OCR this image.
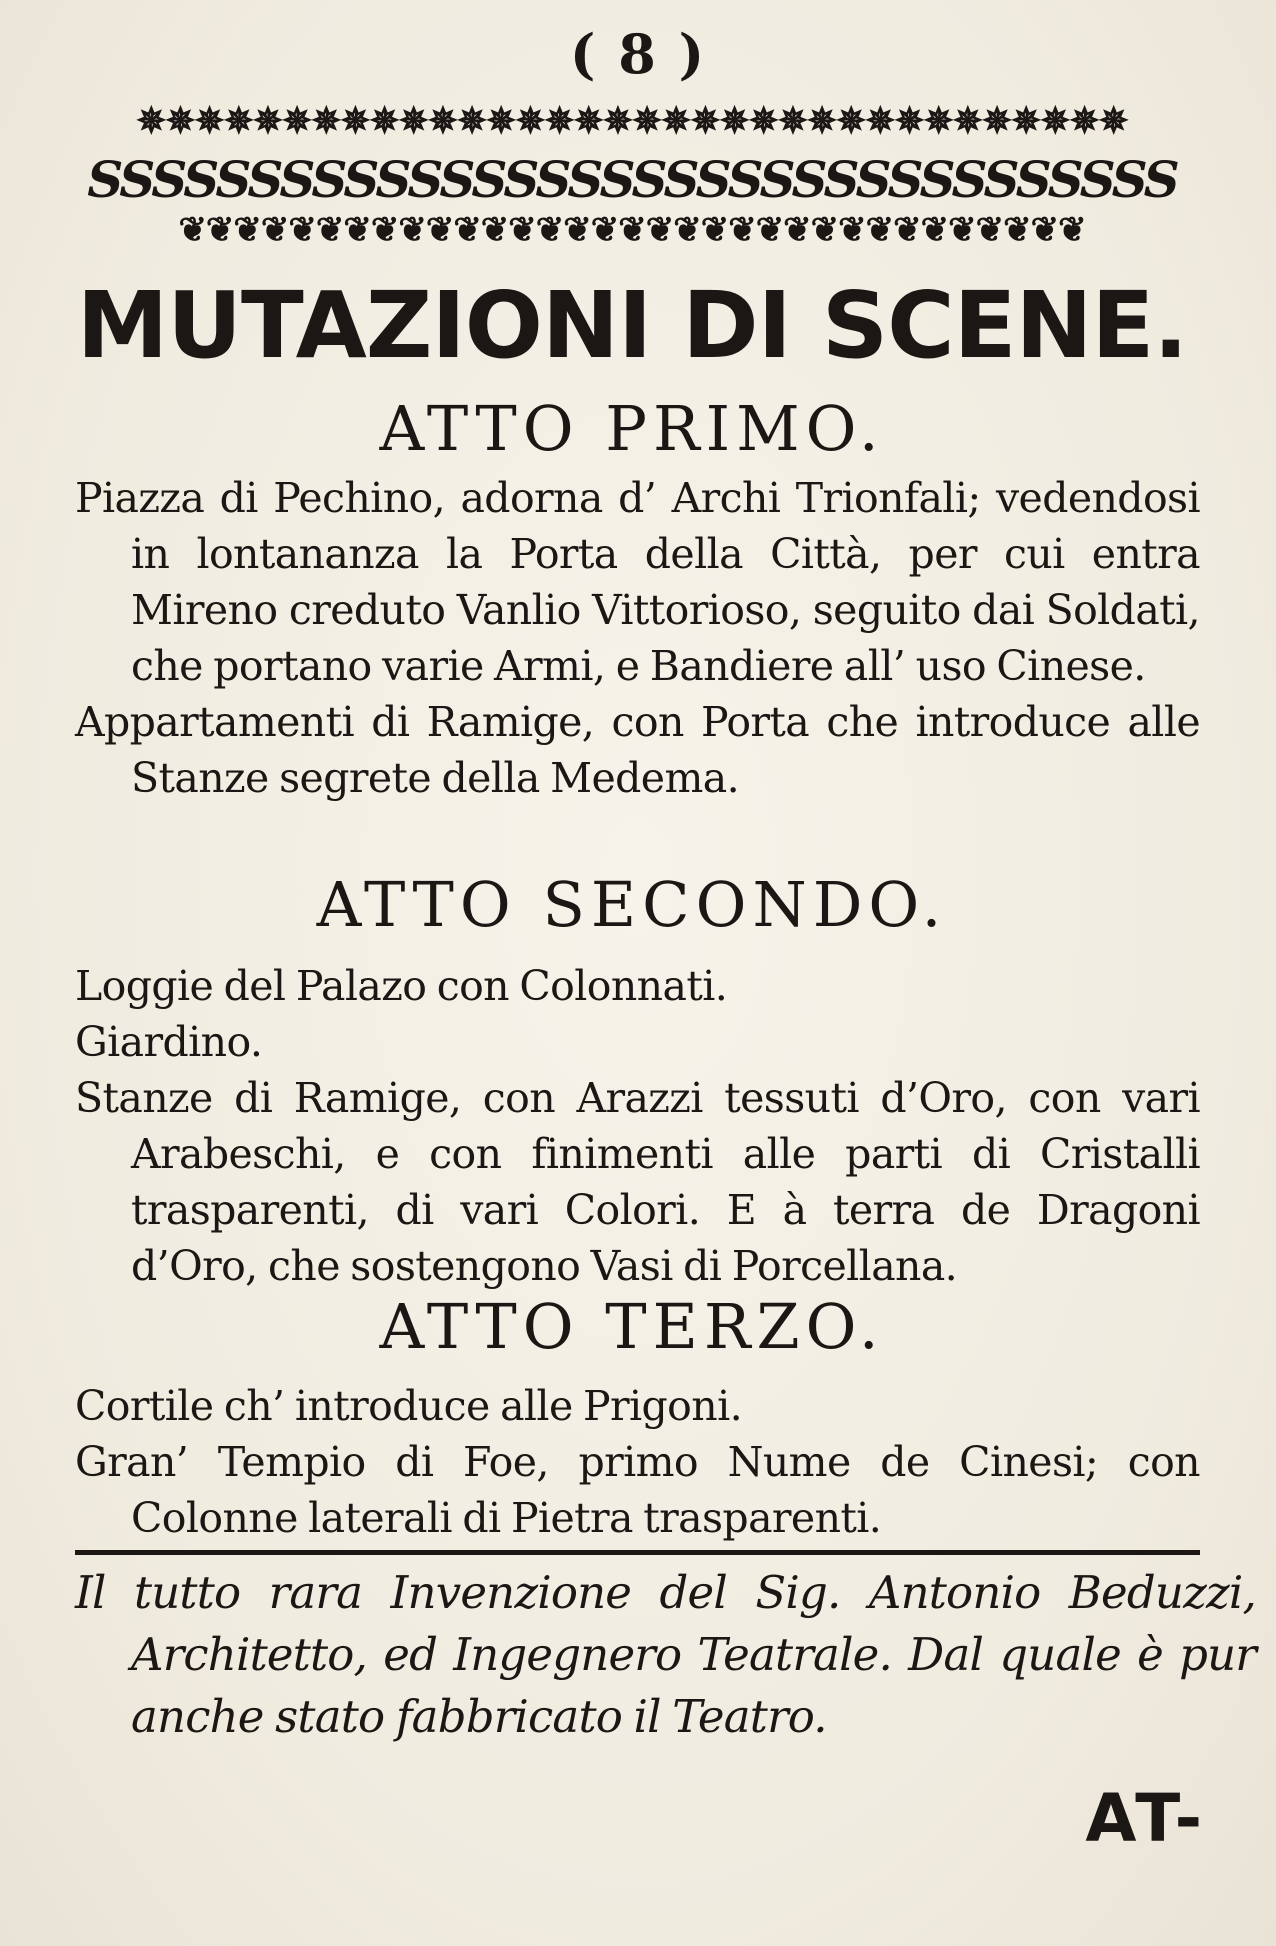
( 8 )
✵✵✵✵✵✵✵✵✵✵✵✵✵✵✵✵✵✵✵✵✵✵✵✵✵✵✵✵✵✵✵✵✵✵
SSSSSSSSSSSSSSSSSSSSSSSSSSSSSSSSSS
❦❦❦❦❦❦❦❦❦❦❦❦❦❦❦❦❦❦❦❦❦❦❦❦❦❦❦❦❦❦❦❦❦
MUTAZIONI DI SCENE.
ATTO PRIMO.
Piazza di Pechino, adorna d’ Archi Trionfali; vedendosi in lontananza la Porta della Città, per cui entra Mireno creduto Vanlio Vittorioso, seguito dai Soldati, che portano varie Armi, e Bandiere all’ uso Cinese.
Appartamenti di Ramige, con Porta che introduce alle Stanze segrete della Medema.
ATTO SECONDO.
Loggie del Palazo con Colonnati.
Giardino.
Stanze di Ramige, con Arazzi tessuti d’Oro, con vari Arabeschi, e con finimenti alle parti di Cristalli trasparenti, di vari Colori. E à terra de Dragoni d’Oro, che sostengono Vasi di Porcellana.
ATTO TERZO.
Cortile ch’ introduce alle Prigoni.
Gran’ Tempio di Foe, primo Nume de Cinesi; con Colonne laterali di Pietra trasparenti.
Il tutto rara Invenzione del Sig. Antonio Beduzzi, Architetto, ed Ingegnero Teatrale. Dal quale è pur anche stato fabbricato il Teatro.
AT-
